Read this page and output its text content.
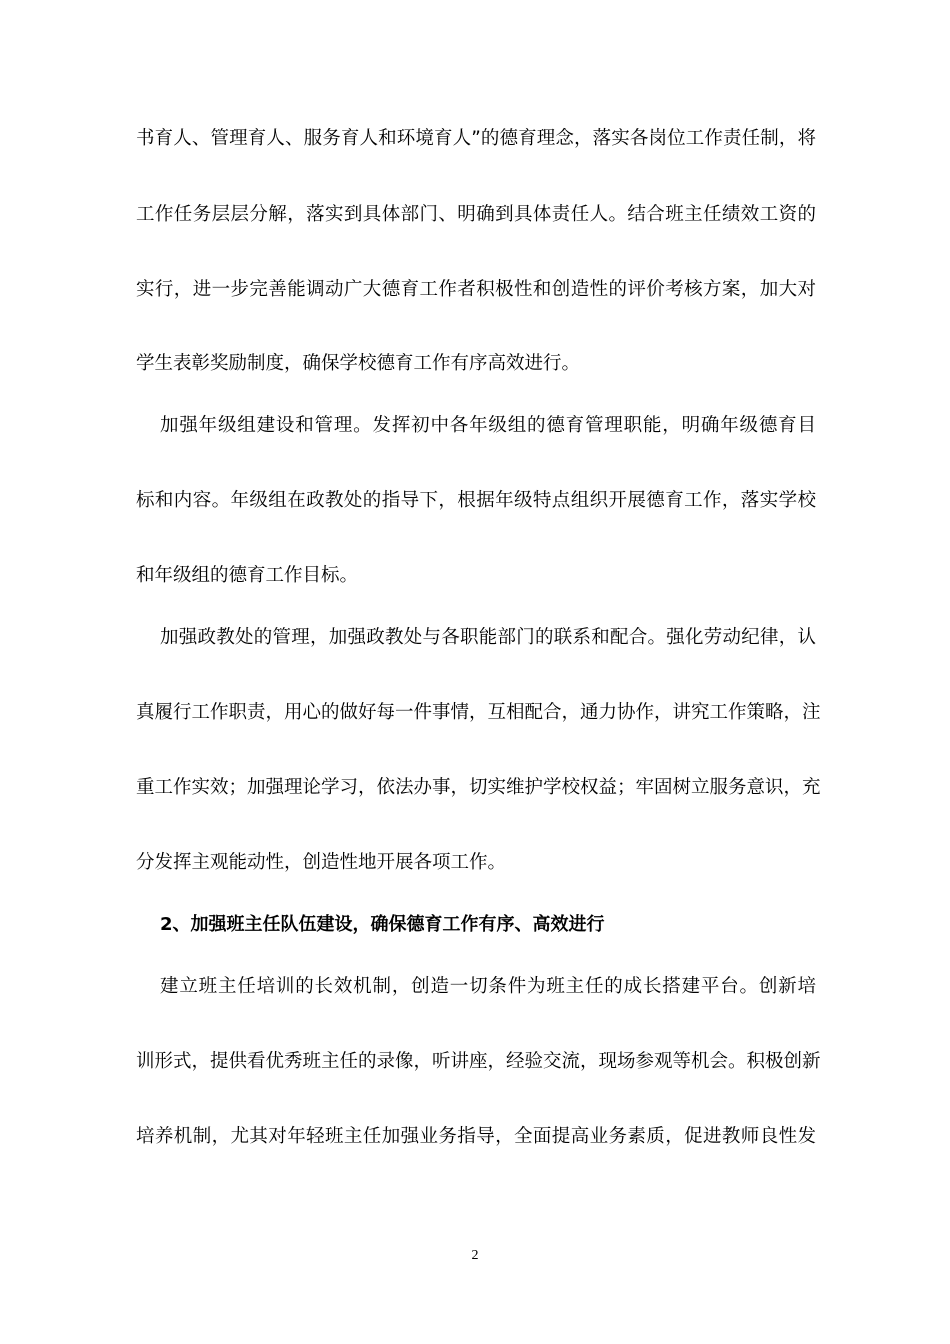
书育人、管理育人、服务育人和环境育人”的德育理念，落实各岗位工作责任制，将
工作任务层层分解，落实到具体部门、明确到具体责任人。结合班主任绩效工资的
实行，进一步完善能调动广大德育工作者积极性和创造性的评价考核方案，加大对
学生表彰奖励制度，确保学校德育工作有序高效进行。
加强年级组建设和管理。发挥初中各年级组的德育管理职能，明确年级德育目
标和内容。年级组在政教处的指导下，根据年级特点组织开展德育工作，落实学校
和年级组的德育工作目标。
加强政教处的管理，加强政教处与各职能部门的联系和配合。强化劳动纪律，认
真履行工作职责，用心的做好每一件事情，互相配合，通力协作，讲究工作策略，注
重工作实效；加强理论学习，依法办事，切实维护学校权益；牢固树立服务意识，充
分发挥主观能动性，创造性地开展各项工作。
2、加强班主任队伍建设，确保德育工作有序、高效进行
建立班主任培训的长效机制，创造一切条件为班主任的成长搭建平台。创新培
训形式，提供看优秀班主任的录像，听讲座，经验交流，现场参观等机会。积极创新
培养机制，尤其对年轻班主任加强业务指导，全面提高业务素质，促进教师良性发
2
